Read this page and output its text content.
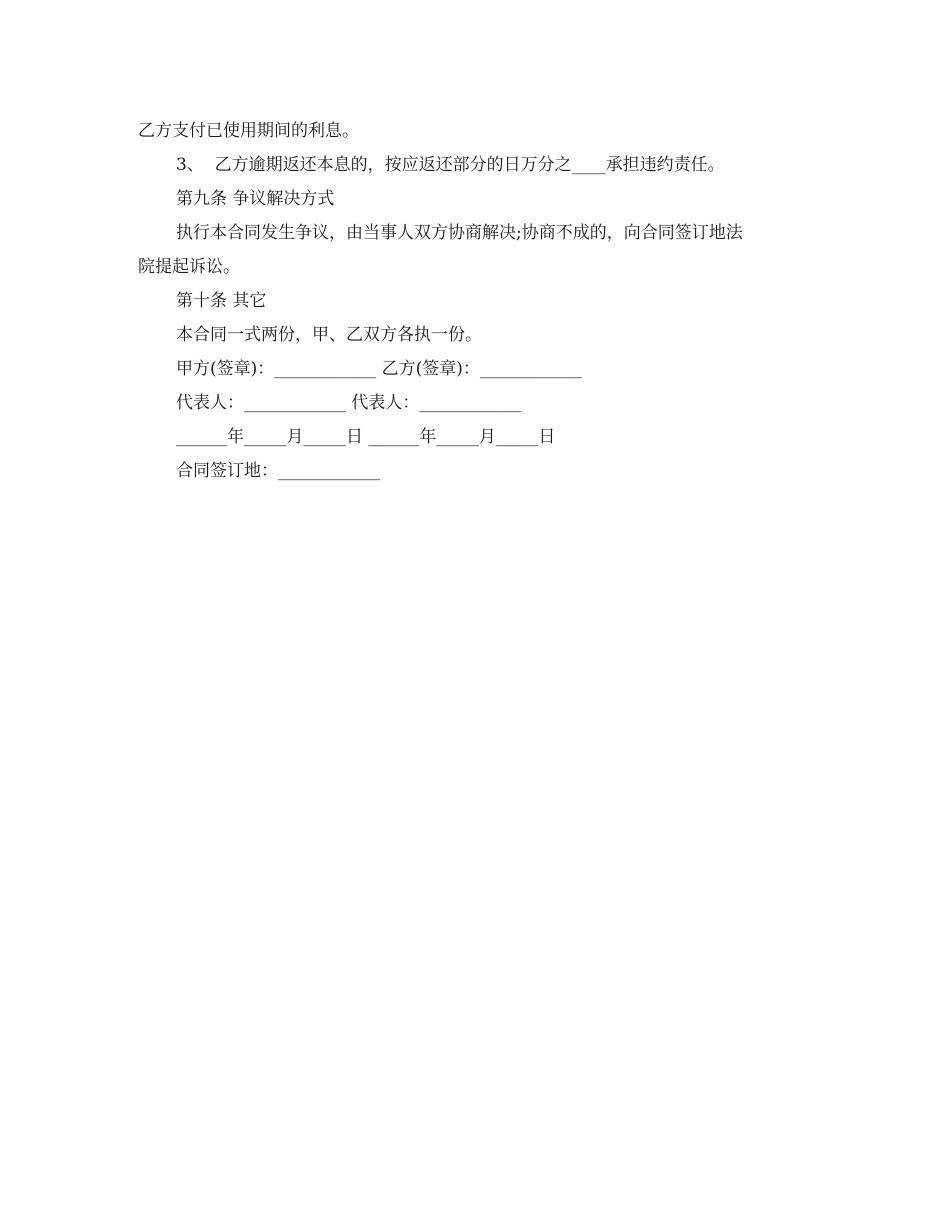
乙方支付已使用期间的利息。

3、  乙方逾期返还本息的，按应返还部分的日万分之____承担违约责任。

第九条 争议解决方式

执行本合同发生争议，由当事人双方协商解决;协商不成的，向合同签订地法

院提起诉讼。

第十条 其它

本合同一式两份，甲、乙双方各执一份。

甲方(签章)：____________ 乙方(签章)：____________

代表人：____________ 代表人：____________

______年_____月_____日 ______年_____月_____日

合同签订地：____________
